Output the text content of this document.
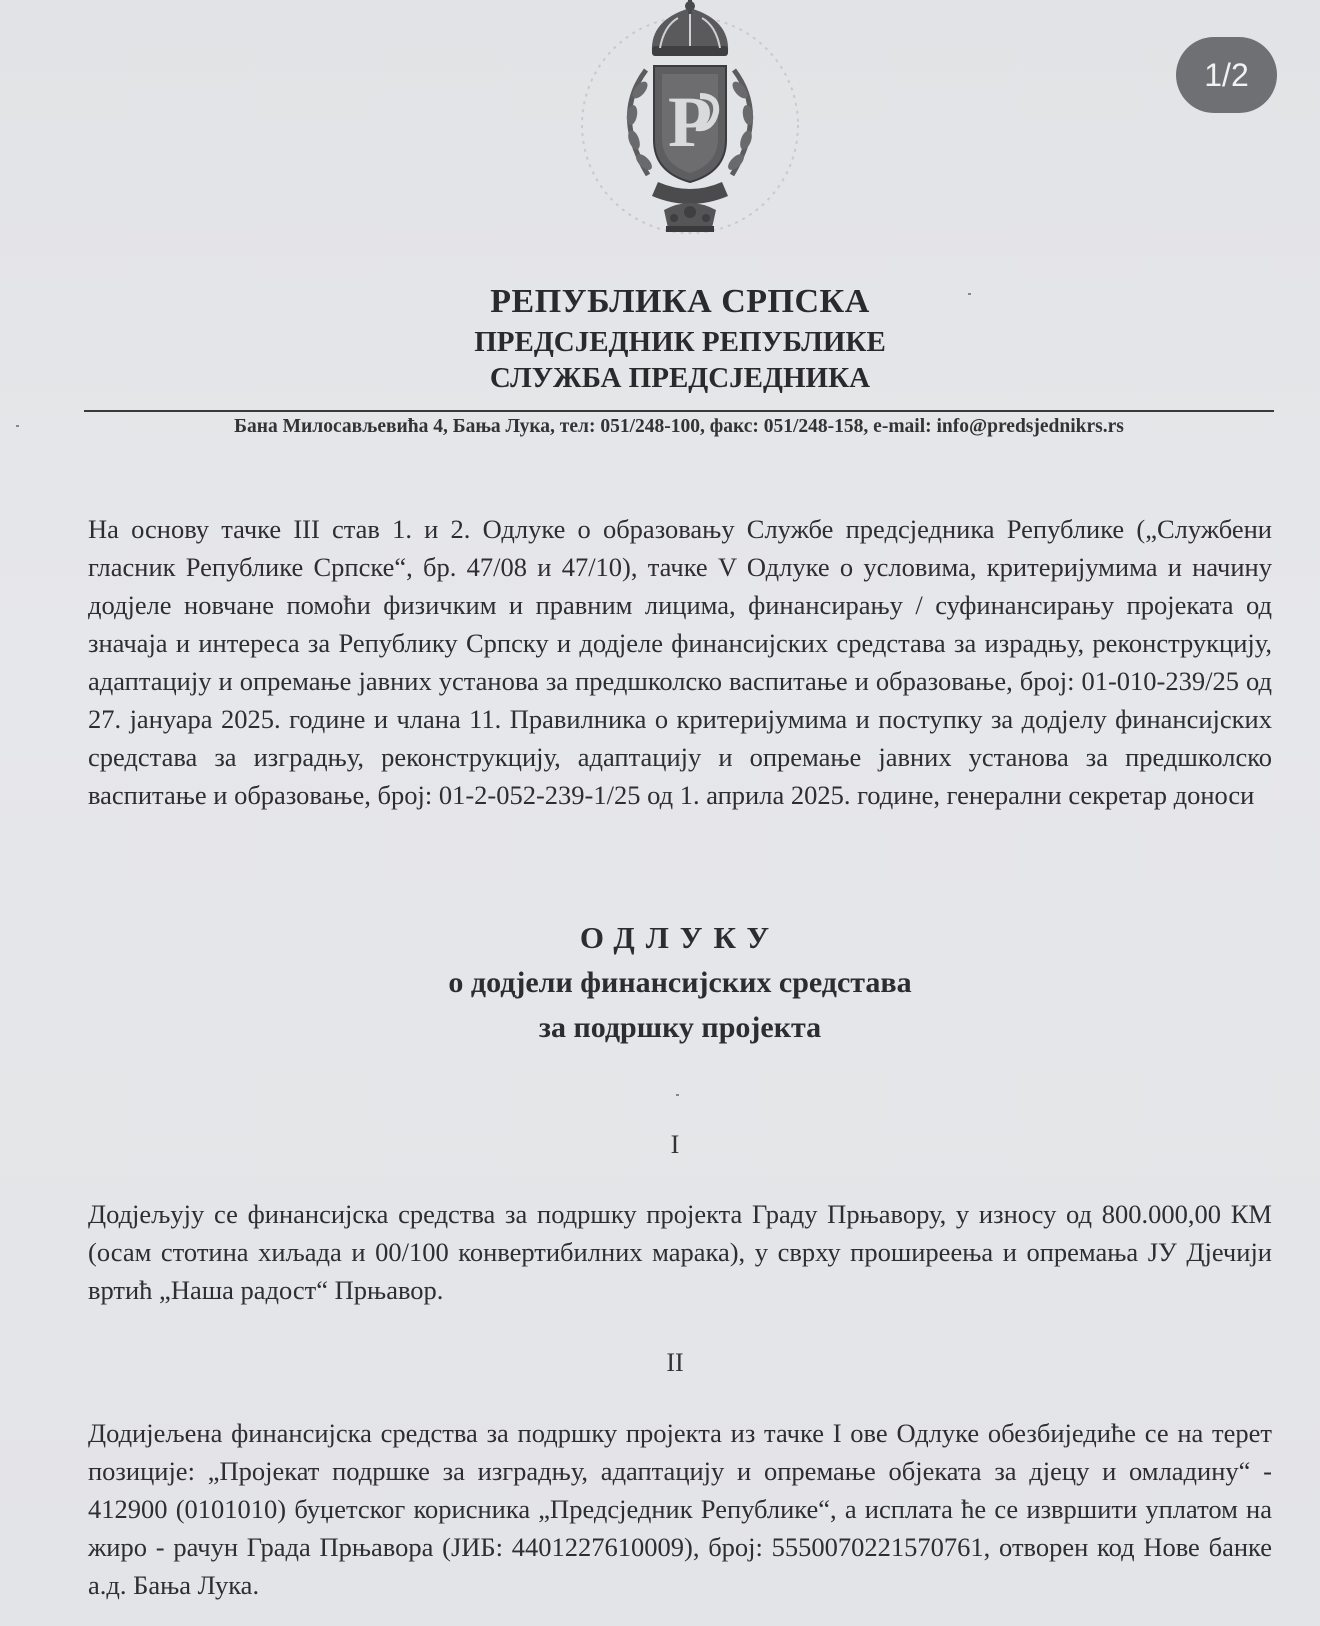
1/2
Р
РЕПУБЛИКА СРПСКА
ПРЕДСЈЕДНИК РЕПУБЛИКЕ
СЛУЖБА ПРЕДСЈЕДНИКА
Бана Милосављевића 4, Бања Лука, тел: 051/248-100, факс: 051/248-158, e-mail: info@predsjednikrs.rs
На основу тачке III став 1. и 2. Одлуке о образовању Службе предсједника Републике („Службени гласник Републике Српске“, бр. 47/08 и 47/10), тачке V Одлуке о условима, критеријумима и начину додјеле новчане помоћи физичким и правним лицима, финансирању / суфинансирању пројеката од значаја и интереса за Републику Српску и додјеле финансијских средстава за израдњу, реконструкцију, адаптацију и опремање јавних установа за предшколско васпитање и образовање, број: 01-010-239/25 од 27. јануара 2025. године и члана 11. Правилника о критеријумима и поступку за додјелу финансијских средстава за изградњу, реконструкцију, адаптацију и опремање јавних установа за предшколско васпитање и образовање, број: 01-2-052-239-1/25 од 1. априла 2025. године, генерални секретар доноси
ОДЛУКУ
о додјели финансијских средстава
за подршку пројекта
I
Додјељују се финансијска средства за подршку пројекта Граду Прњавору, у износу од 800.000,00 КМ (осам стотина хиљада и 00/100 конвертибилних марака), у сврху проширеења и опремања ЈУ Дјечији вртић „Наша радост“ Прњавор.
II
Додијељена финансијска средства за подршку пројекта из тачке I ове Одлуке обезбиједиће се на терет позиције: „Пројекат подршке за изградњу, адаптацију и опремање објеката за дјецу и омладину“ - 412900 (0101010) буџетског корисника „Предсједник Републике“, а исплата ће се извршити уплатом на жиро - рачун Града Прњавора (ЈИБ: 4401227610009), број: 5550070221570761, отворен код Нове банке а.д. Бања Лука.
